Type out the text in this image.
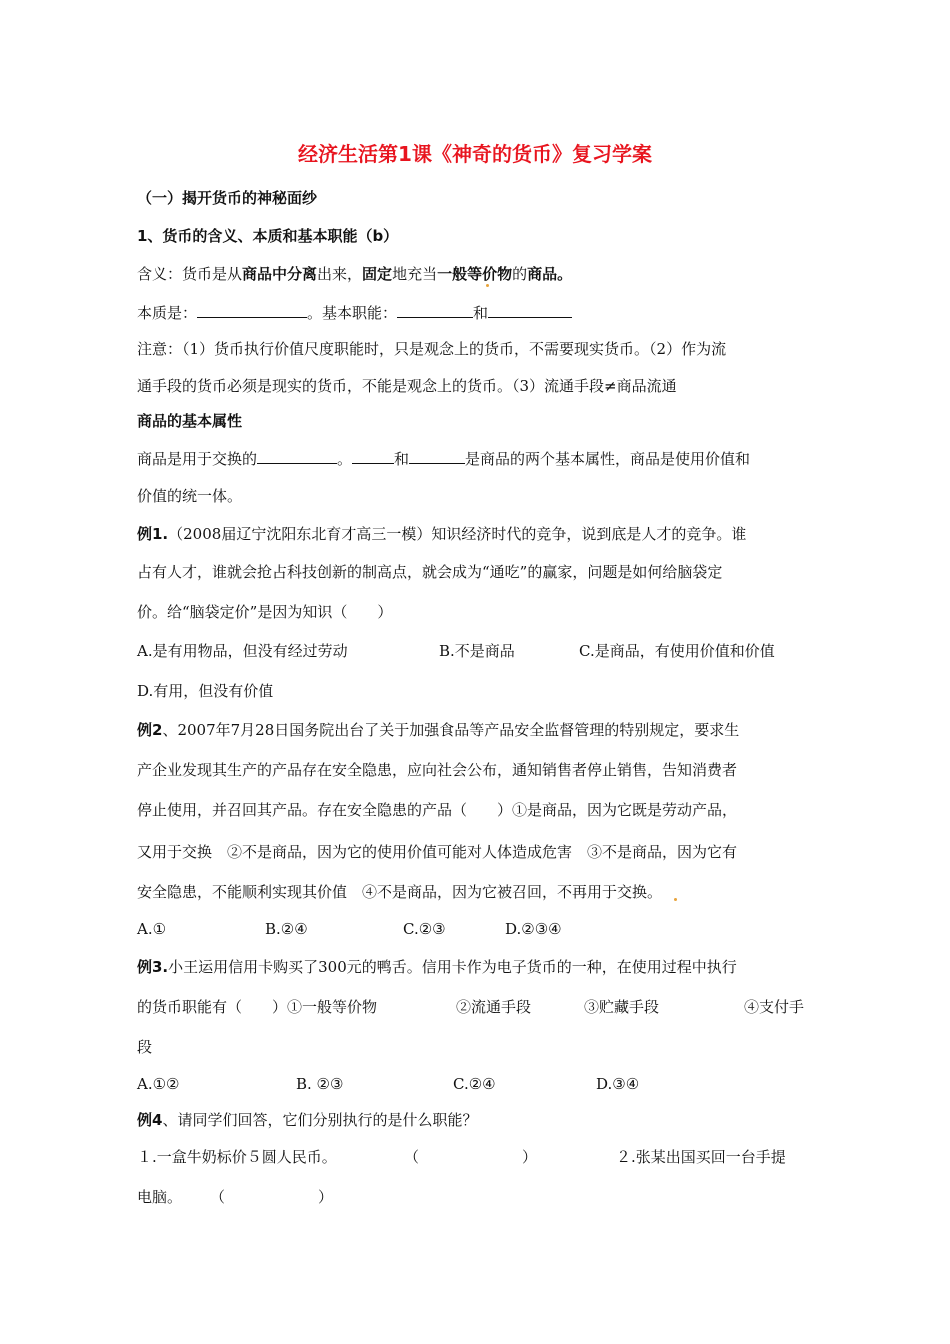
经济生活第1课《神奇的货币》复习学案
（一）揭开货币的神秘面纱
1、货币的含义、本质和基本职能（b）
含义：货币是从商品中分离出来，固定地充当一般等价物的商品。
本质是：	。基本职能：	和
注意：（1）货币执行价值尺度职能时，只是观念上的货币，不需要现实货币。（2）作为流
通手段的货币必须是现实的货币，不能是观念上的货币。（3）流通手段≠商品流通
商品的基本属性
商品是用于交换的	。	和	是商品的两个基本属性，商品是使用价值和
价值的统一体。
例1.（2008届辽宁沈阳东北育才高三一模）知识经济时代的竞争，说到底是人才的竞争。谁
占有人才，谁就会抢占科技创新的制高点，就会成为“通吃”的赢家，问题是如何给脑袋定
价。给“脑袋定价”是因为知识（　　）
A.是有用物品，但没有经过劳动	B.不是商品	C.是商品，有使用价值和价值
D.有用，但没有价值
例2、2007年7月28日国务院出台了关于加强食品等产品安全监督管理的特别规定，要求生
产企业发现其生产的产品存在安全隐患，应向社会公布，通知销售者停止销售，告知消费者
停止使用，并召回其产品。存在安全隐患的产品（　　）①是商品，因为它既是劳动产品，
又用于交换　②不是商品，因为它的使用价值可能对人体造成危害　③不是商品，因为它有
安全隐患，不能顺利实现其价值　④不是商品，因为它被召回，不再用于交换。
A.①	B.②④	C.②③	D.②③④
例3.小王运用信用卡购买了300元的鸭舌。信用卡作为电子货币的一种，在使用过程中执行
的货币职能有（　　）①一般等价物	②流通手段	③贮藏手段	④支付手
段
A.①②	B. ②③	C.②④	D.③④
例4、请同学们回答，它们分别执行的是什么职能？
１.一盒牛奶标价５圆人民币。	（	）	２.张某出国买回一台手提
电脑。 （	）
